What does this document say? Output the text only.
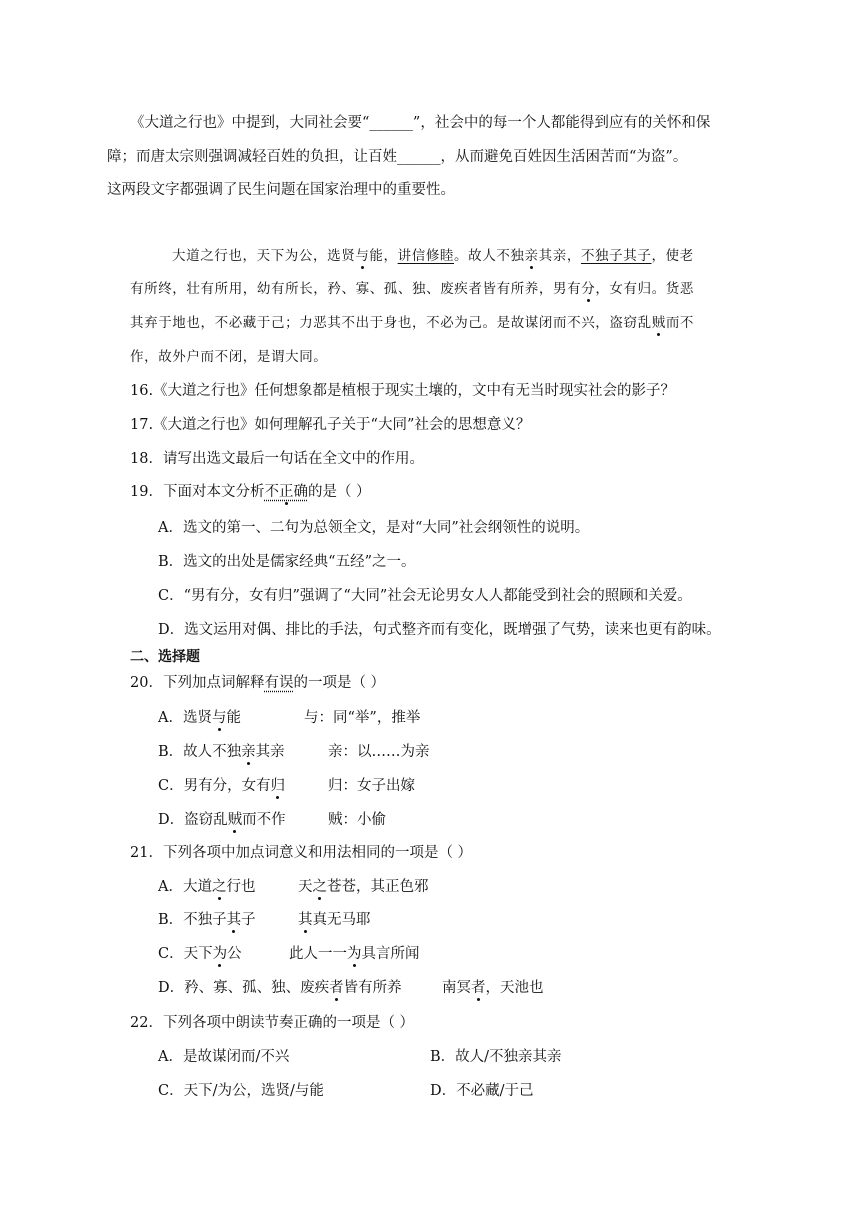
《大道之行也》中提到，大同社会要“______”，社会中的每一个人都能得到应有的关怀和保
障；而唐太宗则强调减轻百姓的负担，让百姓______，从而避免百姓因生活困苦而“为盗”。
这两段文字都强调了民生问题在国家治理中的重要性。
大道之行也，天下为公，选贤与能，讲信修睦。故人不独亲其亲，不独子其子，使老
有所终，壮有所用，幼有所长，矜、寡、孤、独、废疾者皆有所养，男有分，女有归。货恶
其弃于地也，不必藏于己；力恶其不出于身也，不必为己。是故谋闭而不兴，盗窃乱贼而不
作，故外户而不闭，是谓大同。
16.《大道之行也》任何想象都是植根于现实土壤的，文中有无当时现实社会的影子？
17.《大道之行也》如何理解孔子关于“大同”社会的思想意义？
18．请写出选文最后一句话在全文中的作用。
19．下面对本文分析不正确的是（ ）
A．选文的第一、二句为总领全文，是对“大同”社会纲领性的说明。
B．选文的出处是儒家经典“五经”之一。
C．“男有分，女有归”强调了“大同”社会无论男女人人都能受到社会的照顾和关爱。
D．选文运用对偶、排比的手法，句式整齐而有变化，既增强了气势，读来也更有韵味。
二、选择题
20．下列加点词解释有误的一项是（ ）
A．选贤与能	与：同“举”，推举
B．故人不独亲其亲	亲：以……为亲
C．男有分，女有归	归：女子出嫁
D．盗窃乱贼而不作	贼：小偷
21．下列各项中加点词意义和用法相同的一项是（ ）
A．大道之行也	天之苍苍，其正色邪
B．不独子其子	其真无马耶
C．天下为公	此人一一为具言所闻
D．矜、寡、孤、独、废疾者皆有所养	南冥者，天池也
22．下列各项中朗读节奏正确的一项是（ ）
A．是故谋闭而/不兴	B．故人/不独亲其亲
C．天下/为公，选贤/与能	D．不必藏/于己
